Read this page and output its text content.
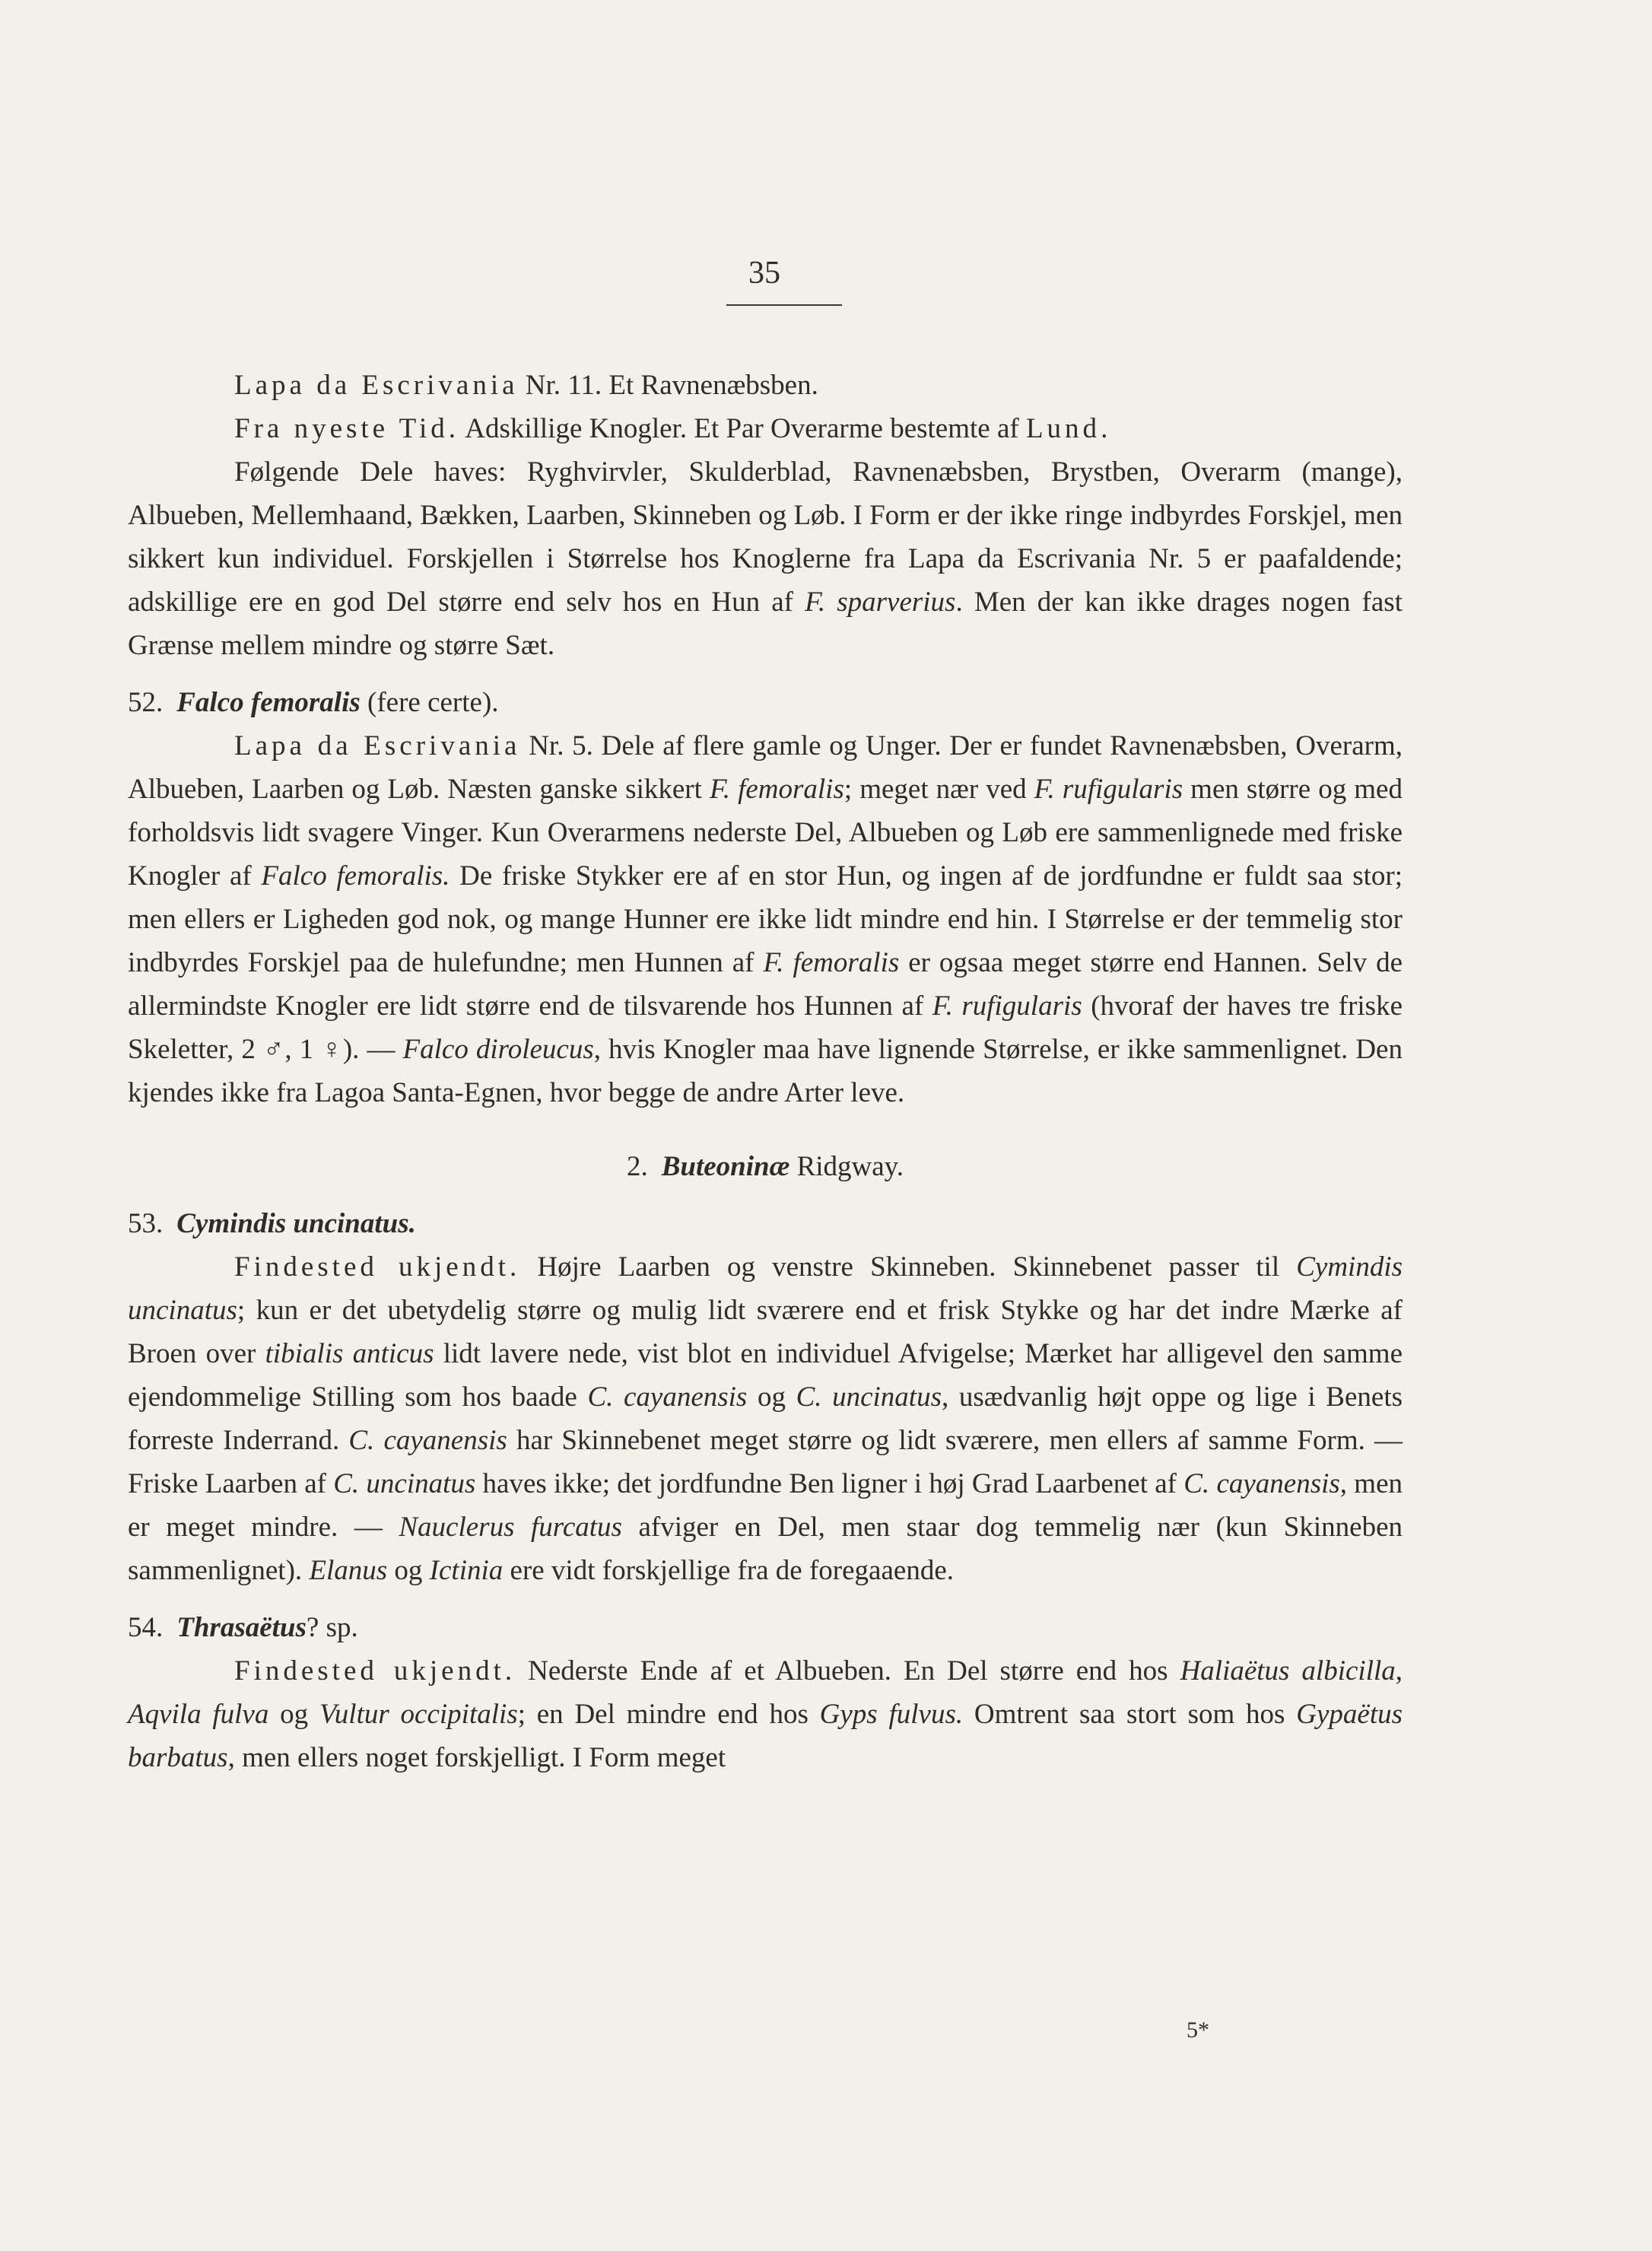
35

Lapa da Escrivania Nr. 11. Et Ravnenæbsben.

Fra nyeste Tid. Adskillige Knogler. Et Par Overarme bestemte af Lund.

Følgende Dele haves: Ryghvirvler, Skulderblad, Ravnenæbsben, Brystben, Overarm (mange), Albueben, Mellemhaand, Bækken, Laarben, Skinneben og Løb. I Form er der ikke ringe indbyrdes Forskjel, men sikkert kun individuel. Forskjellen i Størrelse hos Knoglerne fra Lapa da Escrivania Nr. 5 er paafaldende; adskillige ere en god Del større end selv hos en Hun af F. sparverius. Men der kan ikke drages nogen fast Grænse mellem mindre og større Sæt.

52. Falco femoralis (fere certe).

Lapa da Escrivania Nr. 5. Dele af flere gamle og Unger. Der er fundet Ravnenæbsben, Overarm, Albueben, Laarben og Løb. Næsten ganske sikkert F. femoralis; meget nær ved F. rufigularis men større og med forholdsvis lidt svagere Vinger. Kun Overarmens nederste Del, Albueben og Løb ere sammenlignede med friske Knogler af Falco femoralis. De friske Stykker ere af en stor Hun, og ingen af de jordfundne er fuldt saa stor; men ellers er Ligheden god nok, og mange Hunner ere ikke lidt mindre end hin. I Størrelse er der temmelig stor indbyrdes Forskjel paa de hulefundne; men Hunnen af F. femoralis er ogsaa meget større end Hannen. Selv de allermindste Knogler ere lidt større end de tilsvarende hos Hunnen af F. rufigularis (hvoraf der haves tre friske Skeletter, 2 ♂, 1 ♀). — Falco diroleucus, hvis Knogler maa have lignende Størrelse, er ikke sammenlignet. Den kjendes ikke fra Lagoa Santa-Egnen, hvor begge de andre Arter leve.

2. Buteoninæ Ridgway.

53. Cymindis uncinatus.

Findested ukjendt. Højre Laarben og venstre Skinneben. Skinnebenet passer til Cymindis uncinatus; kun er det ubetydelig større og mulig lidt sværere end et frisk Stykke og har det indre Mærke af Broen over tibialis anticus lidt lavere nede, vist blot en individuel Afvigelse; Mærket har alligevel den samme ejendommelige Stilling som hos baade C. cayanensis og C. uncinatus, usædvanlig højt oppe og lige i Benets forreste Inderrand. C. cayanensis har Skinnebenet meget større og lidt sværere, men ellers af samme Form. — Friske Laarben af C. uncinatus haves ikke; det jordfundne Ben ligner i høj Grad Laarbenet af C. cayanensis, men er meget mindre. — Nauclerus furcatus afviger en Del, men staar dog temmelig nær (kun Skinneben sammenlignet). Elanus og Ictinia ere vidt forskjellige fra de foregaaende.

54. Thrasaëtus? sp.

Findested ukjendt. Nederste Ende af et Albueben. En Del større end hos Haliaëtus albicilla, Aqvila fulva og Vultur occipitalis; en Del mindre end hos Gyps fulvus. Omtrent saa stort som hos Gypaëtus barbatus, men ellers noget forskjelligt. I Form meget

5*
